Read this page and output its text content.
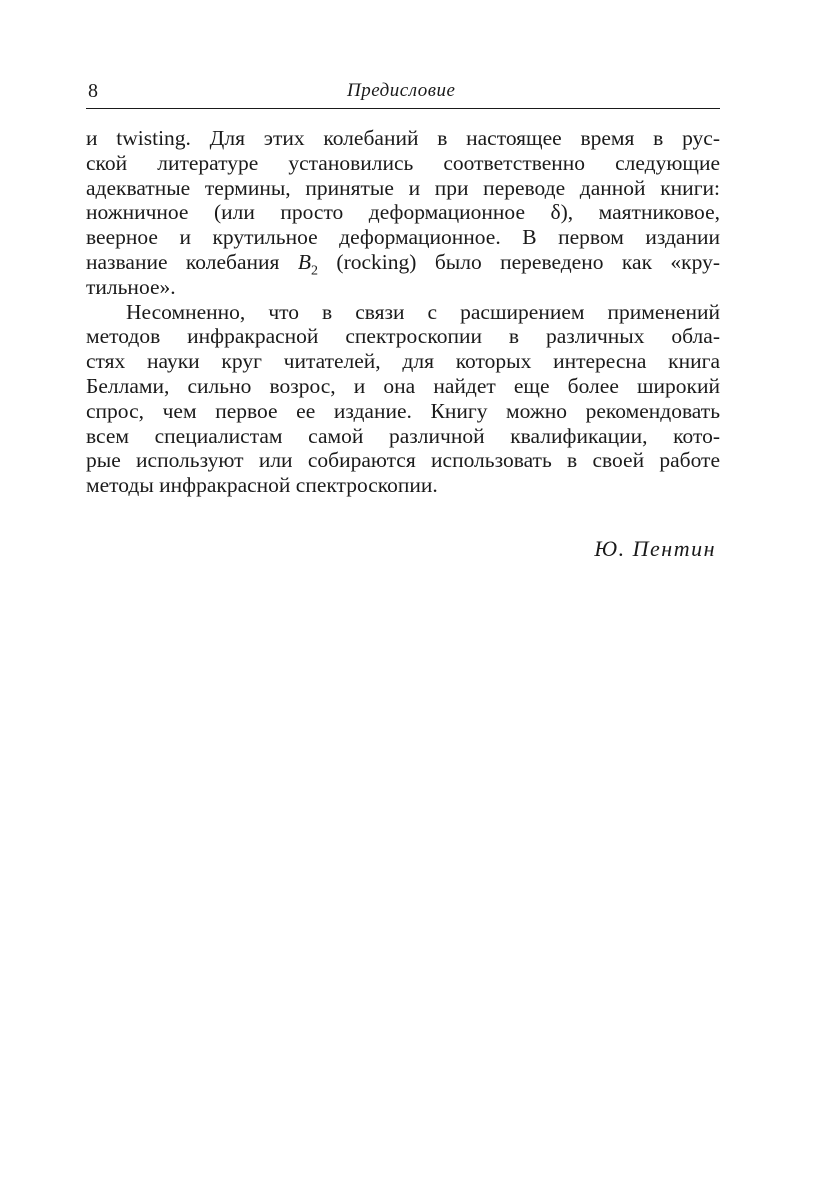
8	Предисловие
и twisting. Для этих колебаний в настоящее время в рус-
ской литературе установились соответственно следующие
адекватные термины, принятые и при переводе данной книги:
ножничное (или просто деформационное δ), маятниковое,
веерное и крутильное деформационное. В первом издании
название колебания $B_2$ (rocking) было переведено как «кру-
тильное».
Несомненно, что в связи с расширением применений
методов инфракрасной спектроскопии в различных обла-
стях науки круг читателей, для которых интересна книга
Беллами, сильно возрос, и она найдет еще более широкий
спрос, чем первое ее издание. Книгу можно рекомендовать
всем специалистам самой различной квалификации, кото-
рые используют или собираются использовать в своей работе
методы инфракрасной спектроскопии.
Ю. Пентин
